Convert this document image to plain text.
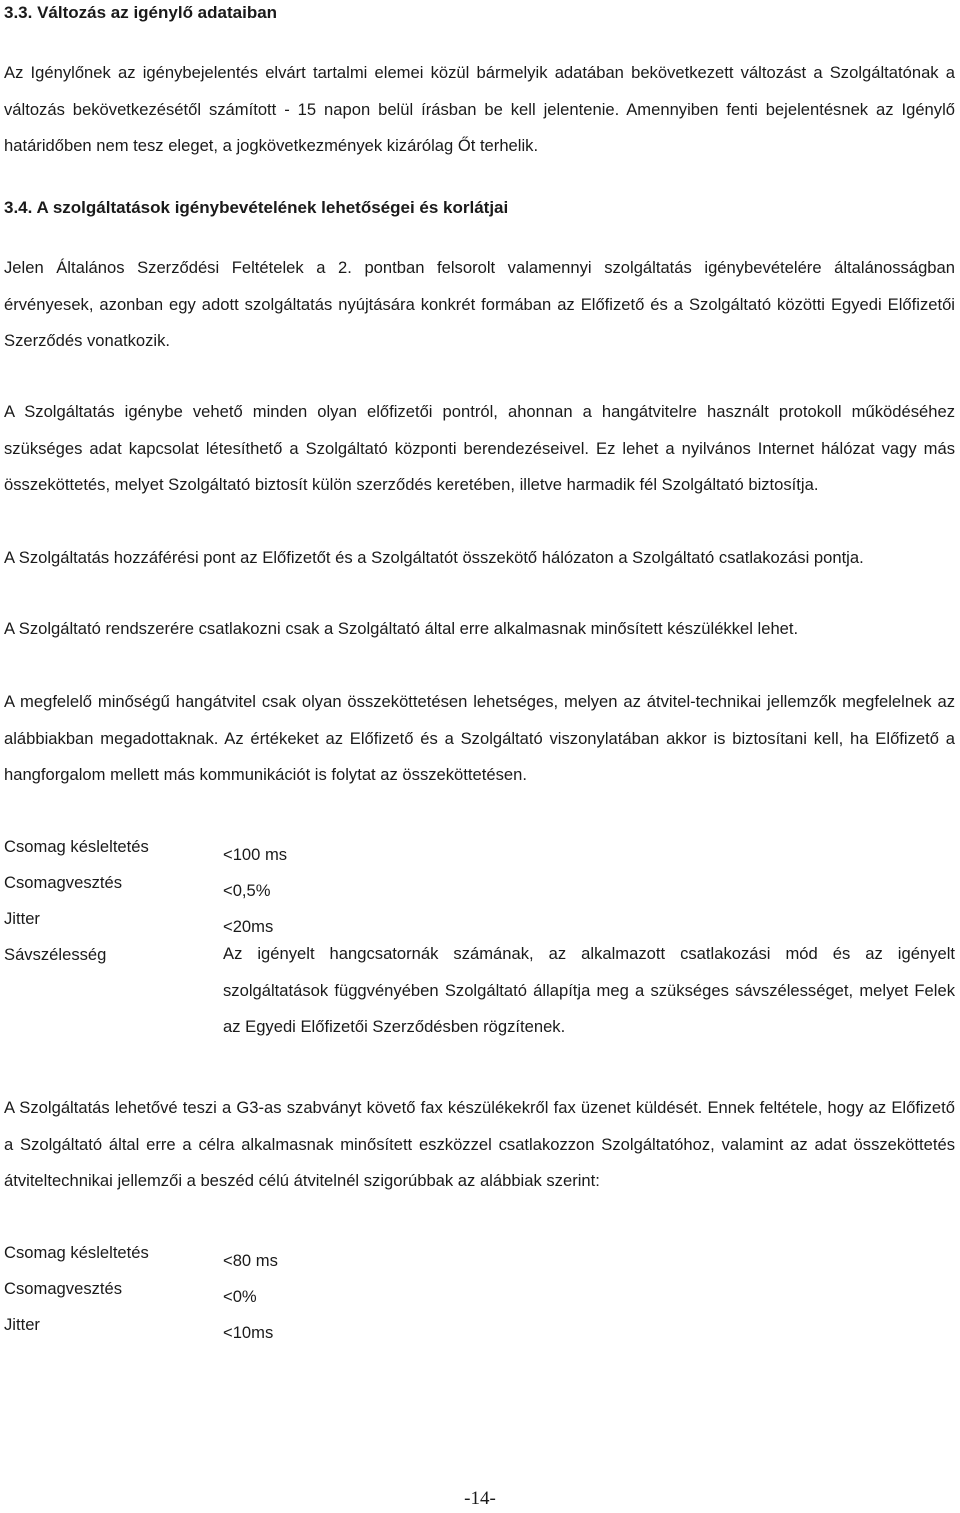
3.3. Változás az igénylő adataiban
Az Igénylőnek az igénybejelentés elvárt tartalmi elemei közül bármelyik adatában bekövetkezett változást a Szolgáltatónak a változás bekövetkezésétől számított - 15 napon belül írásban be kell jelentenie. Amennyiben fenti bejelentésnek az Igénylő határidőben nem tesz eleget, a jogkövetkezmények kizárólag Őt terhelik.
3.4. A szolgáltatások igénybevételének lehetőségei és korlátjai
Jelen Általános Szerződési Feltételek a 2. pontban felsorolt valamennyi szolgáltatás igénybevételére általánosságban érvényesek, azonban egy adott szolgáltatás nyújtására konkrét formában az Előfizető és a Szolgáltató közötti Egyedi Előfizetői Szerződés vonatkozik.
A Szolgáltatás igénybe vehető minden olyan előfizetői pontról, ahonnan a hangátvitelre használt protokoll működéséhez szükséges adat kapcsolat létesíthető a Szolgáltató központi berendezéseivel. Ez lehet a nyilvános Internet hálózat vagy más összeköttetés, melyet Szolgáltató biztosít külön szerződés keretében, illetve harmadik fél Szolgáltató biztosítja.
A Szolgáltatás hozzáférési pont az Előfizetőt és a Szolgáltatót összekötő hálózaton a Szolgáltató csatlakozási pontja.
A Szolgáltató rendszerére csatlakozni csak a Szolgáltató által erre alkalmasnak minősített készülékkel lehet.
A megfelelő minőségű hangátvitel csak olyan összeköttetésen lehetséges, melyen az átvitel-technikai jellemzők megfelelnek az alábbiakban megadottaknak. Az értékeket az Előfizető és a Szolgáltató viszonylatában akkor is biztosítani kell, ha Előfizető a hangforgalom mellett más kommunikációt is folytat az összeköttetésen.
Csomag késleltetés	<100 ms
Csomagvesztés	<0,5%
Jitter	<20ms
Sávszélesség	Az igényelt hangcsatornák számának, az alkalmazott csatlakozási mód és az igényelt szolgáltatások függvényében Szolgáltató állapítja meg a szükséges sávszélességet, melyet Felek az Egyedi Előfizetői Szerződésben rögzítenek.
A Szolgáltatás lehetővé teszi a G3-as szabványt követő fax készülékekről fax üzenet küldését. Ennek feltétele, hogy az Előfizető a Szolgáltató által erre a célra alkalmasnak minősített eszközzel csatlakozzon Szolgáltatóhoz, valamint az adat összeköttetés átviteltechnikai jellemzői a beszéd célú átvitelnél szigorúbbak az alábbiak szerint:
Csomag késleltetés	<80 ms
Csomagvesztés	<0%
Jitter	<10ms
-14-
